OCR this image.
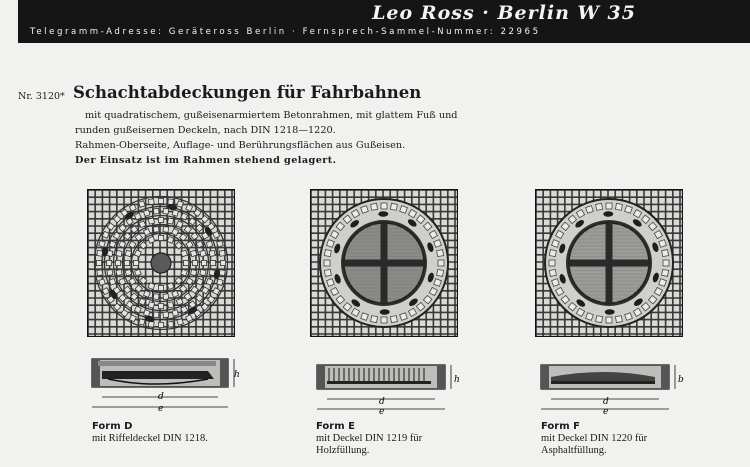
Leo Ross · Berlin W 35
Telegramm-Adresse: Geräteross Berlin · Fernsprech-Sammel-Nummer: 22965
Nr. 3120* Schachtabdeckungen für Fahrbahnen

mit quadratischem, gußeisenarmiertem Betonrahmen, mit glattem Fuß und

runden gußeisernen Deckeln, nach DIN 1218—1220.

Rahmen-Oberseite, Auflage- und Berührungsflächen aus Gußeisen.

Der Einsatz ist im Rahmen stehend gelagert.

h
d
e
h
d
e
b
d
e
Form D
mit Riffeldeckel DIN 1218.
Form E
mit Deckel DIN 1219 für
Holzfüllung.
Form F
mit Deckel DIN 1220 für
Asphaltfüllung.
